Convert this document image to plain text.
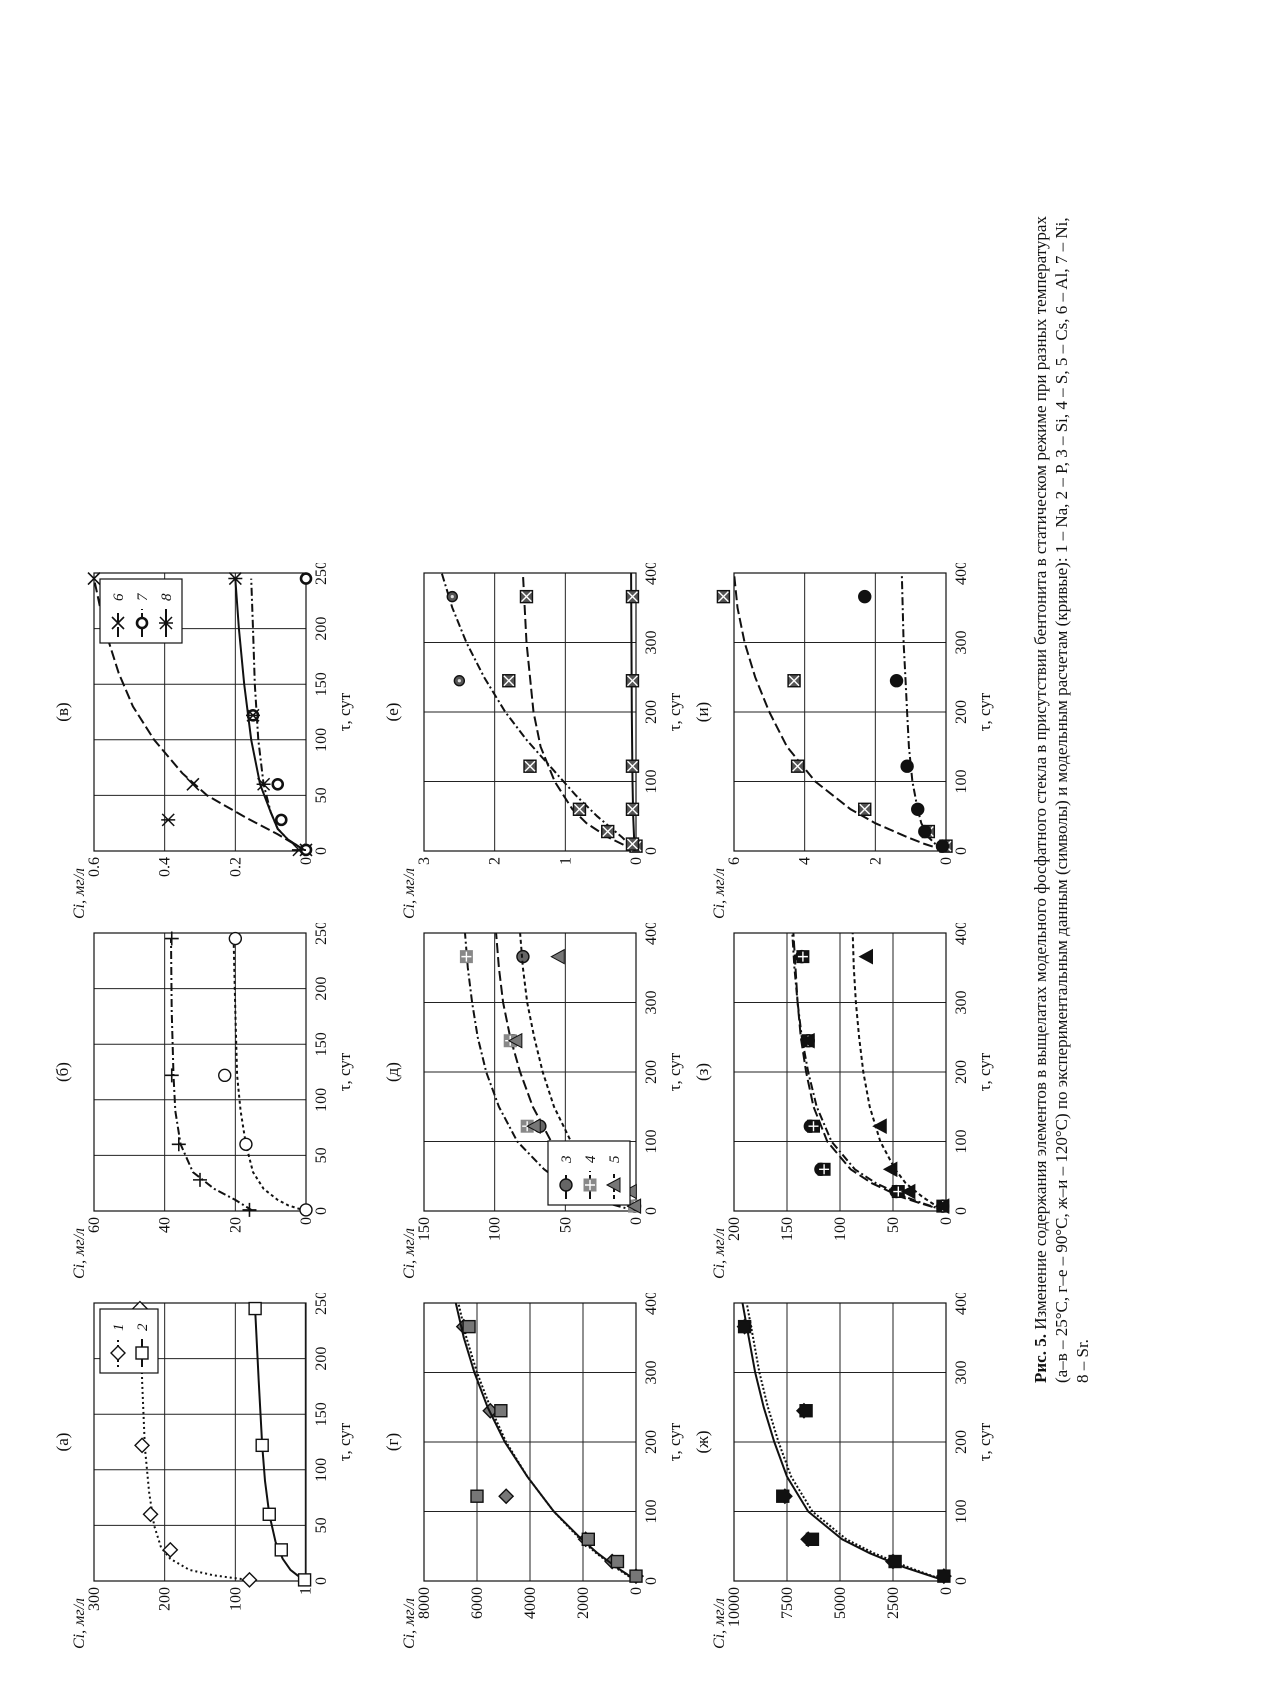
(а)
Ci, мг/л
0
50
100
150
200
250
1
100
200
300
τ, сут
1 2
(б)
Ci, мг/л
0
50
100
150
200
250
0
20
40
60
τ, сут
(в)
Ci, мг/л
0
50
100
150
200
250
0
0.2
0.4
0.6
τ, сут
6 7 8
(г)
Ci, мг/л
0
100
200
300
400
0
2000
4000
6000
8000
τ, сут
(д)
Ci, мг/л
0
100
200
300
400
0
50
100
150
τ, сут
3 4 5
(е)
Ci, мг/л
0
100
200
300
400
0
1
2
3
τ, сут
(ж)
Ci, мг/л
0
100
200
300
400
0
2500
5000
7500
10000
τ, сут
(з)
Ci, мг/л
0
100
200
300
400
0
50
100
150
200
τ, сут
(и)
Ci, мг/л
0
100
200
300
400
0
2
4
6
τ, сут
Рис. 5. Изменение содержания элементов в выщелатах модельного фосфатного стекла в присутствии бентонита в статическом режиме при разных температурах (а–в – 25°С, г–е – 90°С, ж–и – 120°С) по экспериментальным данным (символы) и модельным расчетам (кривые): 1 – Na, 2 – P, 3 – Si, 4 – S, 5 – Cs, 6 – Al, 7 – Ni, 8 – Sr.
